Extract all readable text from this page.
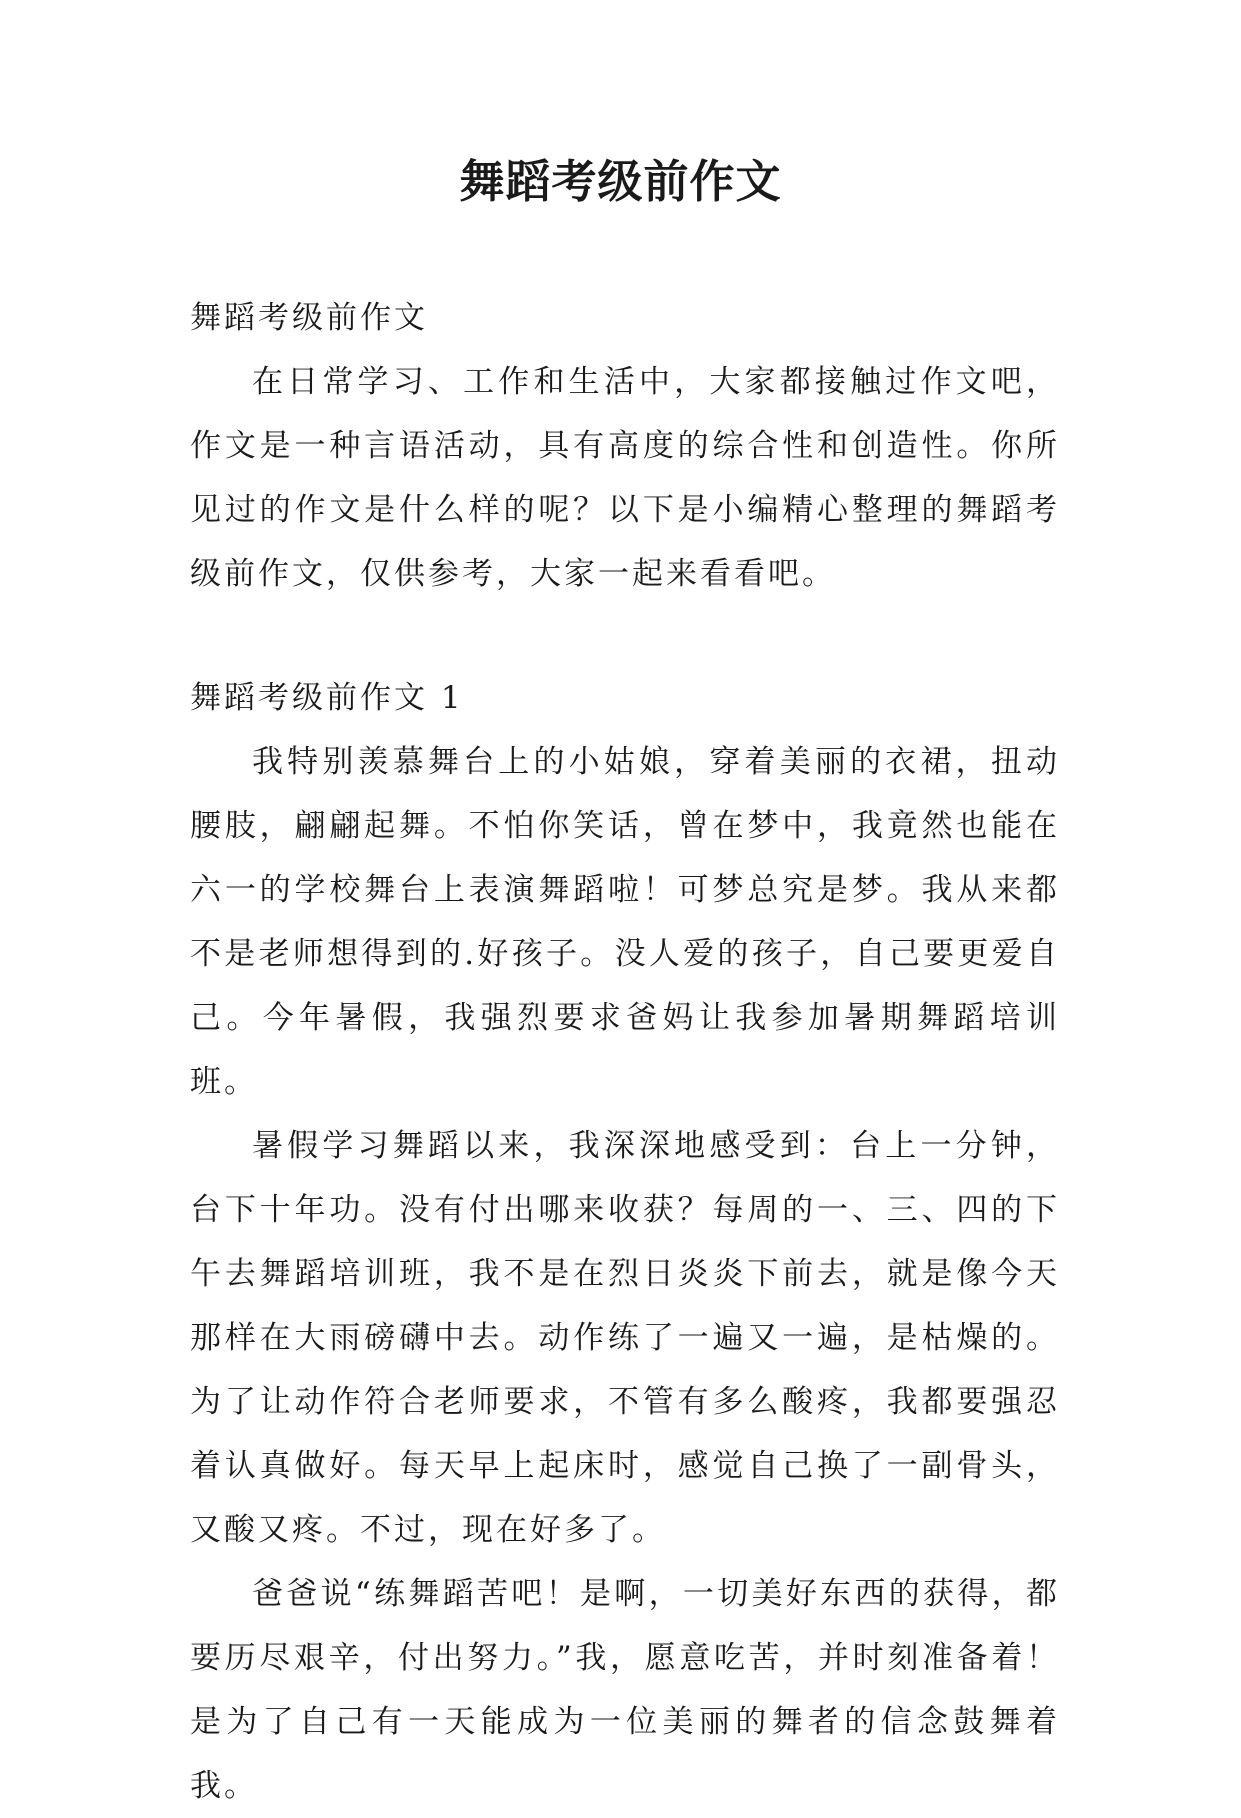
舞蹈考级前作文
舞蹈考级前作文

在日常学习、工作和生活中，大家都接触过作文吧，作文是一种言语活动，具有高度的综合性和创造性。你所见过的作文是什么样的呢？以下是小编精心整理的舞蹈考级前作文，仅供参考，大家一起来看看吧。

舞蹈考级前作文 1

我特别羡慕舞台上的小姑娘，穿着美丽的衣裙，扭动腰肢，翩翩起舞。不怕你笑话，曾在梦中，我竟然也能在六一的学校舞台上表演舞蹈啦！可梦总究是梦。我从来都不是老师想得到的.好孩子。没人爱的孩子，自己要更爱自己。今年暑假，我强烈要求爸妈让我参加暑期舞蹈培训班。

暑假学习舞蹈以来，我深深地感受到：台上一分钟，台下十年功。没有付出哪来收获？每周的一、三、四的下午去舞蹈培训班，我不是在烈日炎炎下前去，就是像今天那样在大雨磅礴中去。动作练了一遍又一遍，是枯燥的。为了让动作符合老师要求，不管有多么酸疼，我都要强忍着认真做好。每天早上起床时，感觉自己换了一副骨头，又酸又疼。不过，现在好多了。

爸爸说“练舞蹈苦吧！是啊，一切美好东西的获得，都要历尽艰辛，付出努力。”我，愿意吃苦，并时刻准备着！是为了自己有一天能成为一位美丽的舞者的信念鼓舞着我。
